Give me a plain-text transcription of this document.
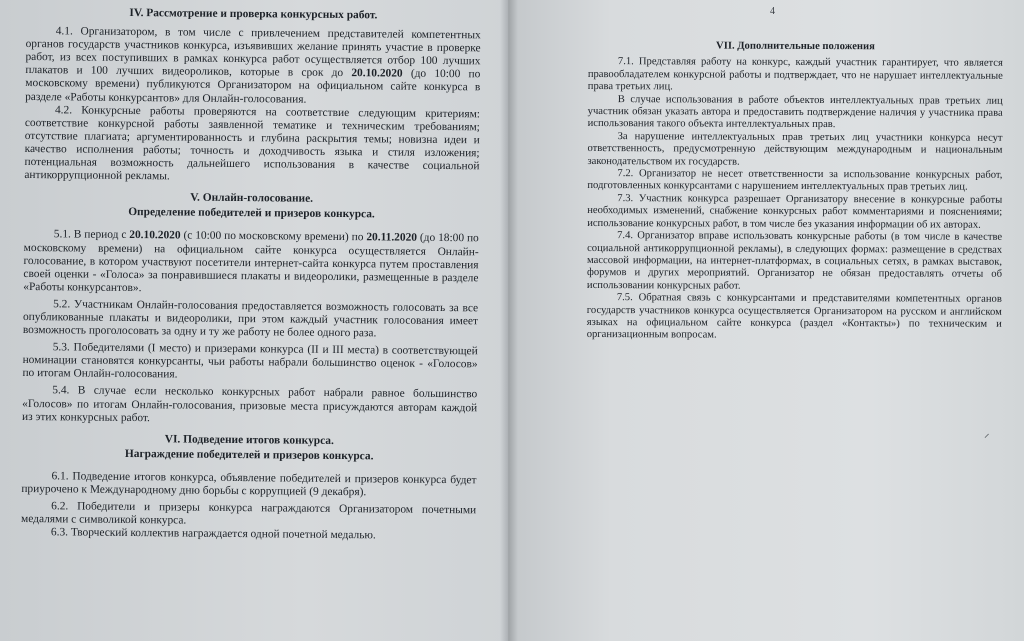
IV. Рассмотрение и проверка конкурсных работ.

4.1. Организатором, в том числе с привлечением представителей компетентных органов государств участников конкурса, изъявивших желание принять участие в проверке работ, из всех поступивших в рамках конкурса работ осуществляется отбор 100 лучших плакатов и 100 лучших видеороликов, которые в срок до 20.10.2020 (до 10:00 по московскому времени) публикуются Организатором на официальном сайте конкурса в разделе «Работы конкурсантов» для Онлайн-голосования.

4.2. Конкурсные работы проверяются на соответствие следующим критериям: соответствие конкурсной работы заявленной тематике и техническим требованиям; отсутствие плагиата; аргументированность и глубина раскрытия темы; новизна идеи и качество исполнения работы; точность и доходчивость языка и стиля изложения; потенциальная возможность дальнейшего использования в качестве социальной антикоррупционной рекламы.

V. Онлайн-голосование.

Определение победителей и призеров конкурса.

5.1. В период с 20.10.2020 (с 10:00 по московскому времени) по 20.11.2020 (до 18:00 по московскому времени) на официальном сайте конкурса осуществляется Онлайн-голосование, в котором участвуют посетители интернет-сайта конкурса путем проставления своей оценки - «Голоса» за понравившиеся плакаты и видеоролики, размещенные в разделе «Работы конкурсантов».

5.2. Участникам Онлайн-голосования предоставляется возможность голосовать за все опубликованные плакаты и видеоролики, при этом каждый участник голосования имеет возможность проголосовать за одну и ту же работу не более одного раза.

5.3. Победителями (I место) и призерами конкурса (II и III места) в соответствующей номинации становятся конкурсанты, чьи работы набрали большинство оценок - «Голосов» по итогам Онлайн-голосования.

5.4. В случае если несколько конкурсных работ набрали равное большинство «Голосов» по итогам Онлайн-голосования, призовые места присуждаются авторам каждой из этих конкурсных работ.

VI. Подведение итогов конкурса.

Награждение победителей и призеров конкурса.

6.1. Подведение итогов конкурса, объявление победителей и призеров конкурса будет приурочено к Международному дню борьбы с коррупцией (9 декабря).

6.2. Победители и призеры конкурса награждаются Организатором почетными медалями с символикой конкурса.

6.3. Творческий коллектив награждается одной почетной медалью.

4

VII. Дополнительные положения

7.1. Представляя работу на конкурс, каждый участник гарантирует, что является правообладателем конкурсной работы и подтверждает, что не нарушает интеллектуальные права третьих лиц.

В случае использования в работе объектов интеллектуальных прав третьих лиц участник обязан указать автора и предоставить подтверждение наличия у участника права использования такого объекта интеллектуальных прав.

За нарушение интеллектуальных прав третьих лиц участники конкурса несут ответственность, предусмотренную действующим международным и национальным законодательством их государств.

7.2. Организатор не несет ответственности за использование конкурсных работ, подготовленных конкурсантами с нарушением интеллектуальных прав третьих лиц.

7.3. Участник конкурса разрешает Организатору внесение в конкурсные работы необходимых изменений, снабжение конкурсных работ комментариями и пояснениями; использование конкурсных работ, в том числе без указания информации об их авторах.

7.4. Организатор вправе использовать конкурсные работы (в том числе в качестве социальной антикоррупционной рекламы), в следующих формах: размещение в средствах массовой информации, на интернет-платформах, в социальных сетях, в рамках выставок, форумов и других мероприятий. Организатор не обязан предоставлять отчеты об использовании конкурсных работ.

7.5. Обратная связь с конкурсантами и представителями компетентных органов государств участников конкурса осуществляется Организатором на русском и английском языках на официальном сайте конкурса (раздел «Контакты») по техническим и организационным вопросам.

⸝
